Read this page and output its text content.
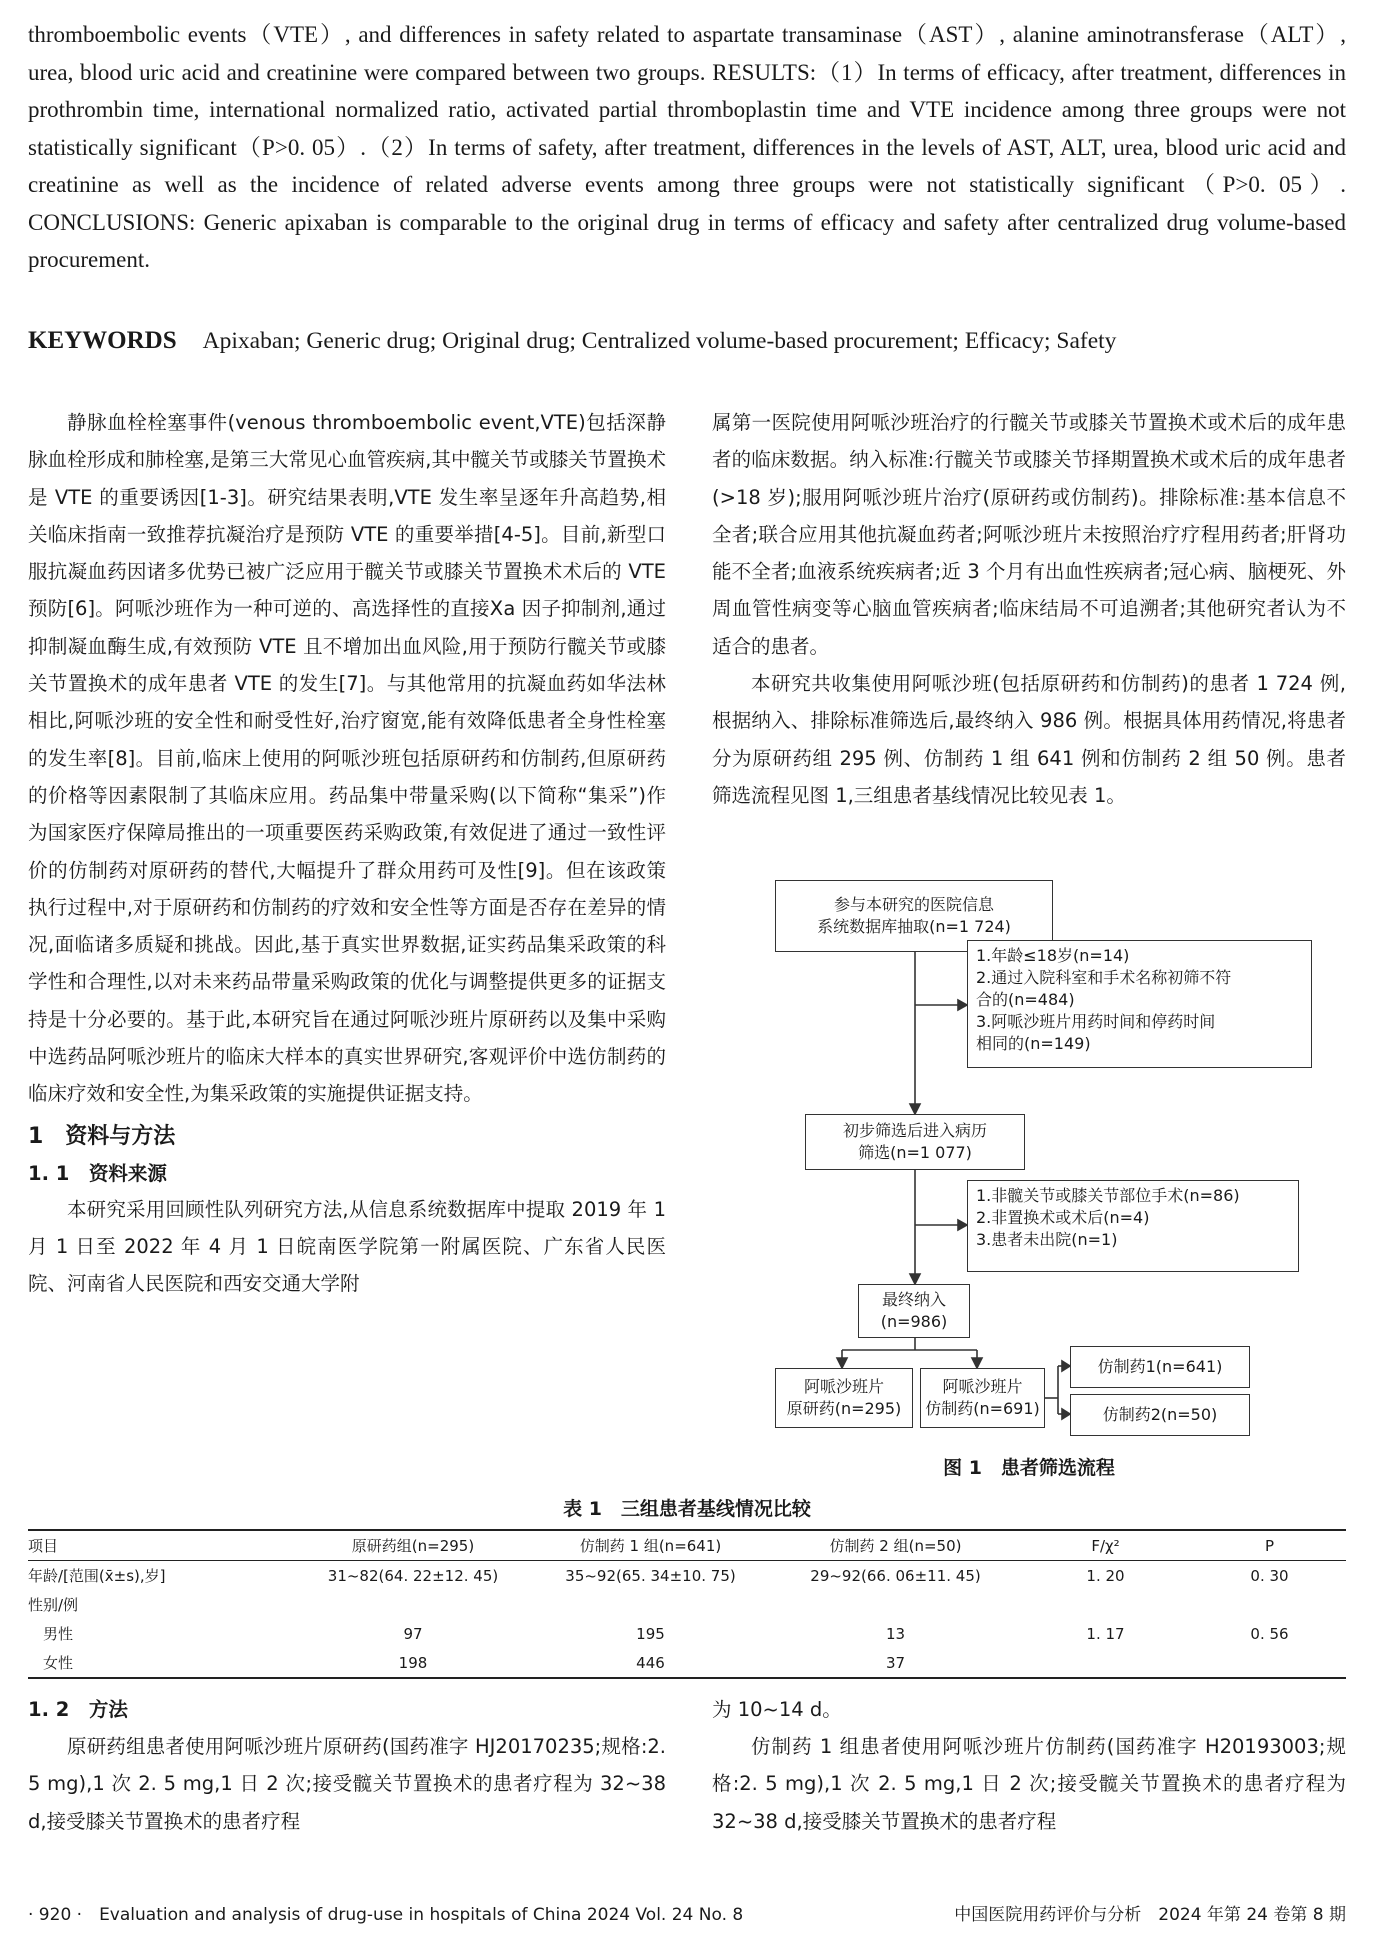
thromboembolic events（VTE）, and differences in safety related to aspartate transaminase（AST）, alanine aminotransferase（ALT）, urea, blood uric acid and creatinine were compared between two groups. RESULTS:（1）In terms of efficacy, after treatment, differences in prothrombin time, international normalized ratio, activated partial thromboplastin time and VTE incidence among three groups were not statistically significant（P>0. 05）.（2）In terms of safety, after treatment, differences in the levels of AST, ALT, urea, blood uric acid and creatinine as well as the incidence of related adverse events among three groups were not statistically significant（P>0. 05）. CONCLUSIONS: Generic apixaban is comparable to the original drug in terms of efficacy and safety after centralized drug volume-based procurement.
KEYWORDS Apixaban; Generic drug; Original drug; Centralized volume-based procurement; Efficacy; Safety

静脉血栓栓塞事件(venous thromboembolic event,VTE)包括深静脉血栓形成和肺栓塞,是第三大常见心血管疾病,其中髋关节或膝关节置换术是 VTE 的重要诱因[1-3]。研究结果表明,VTE 发生率呈逐年升高趋势,相关临床指南一致推荐抗凝治疗是预防 VTE 的重要举措[4-5]。目前,新型口服抗凝血药因诸多优势已被广泛应用于髋关节或膝关节置换术术后的 VTE 预防[6]。阿哌沙班作为一种可逆的、高选择性的直接Ⅹa 因子抑制剂,通过抑制凝血酶生成,有效预防 VTE 且不增加出血风险,用于预防行髋关节或膝关节置换术的成年患者 VTE 的发生[7]。与其他常用的抗凝血药如华法林相比,阿哌沙班的安全性和耐受性好,治疗窗宽,能有效降低患者全身性栓塞的发生率[8]。目前,临床上使用的阿哌沙班包括原研药和仿制药,但原研药的价格等因素限制了其临床应用。药品集中带量采购(以下简称“集采”)作为国家医疗保障局推出的一项重要医药采购政策,有效促进了通过一致性评价的仿制药对原研药的替代,大幅提升了群众用药可及性[9]。但在该政策执行过程中,对于原研药和仿制药的疗效和安全性等方面是否存在差异的情况,面临诸多质疑和挑战。因此,基于真实世界数据,证实药品集采政策的科学性和合理性,以对未来药品带量采购政策的优化与调整提供更多的证据支持是十分必要的。基于此,本研究旨在通过阿哌沙班片原研药以及集中采购中选药品阿哌沙班片的临床大样本的真实世界研究,客观评价中选仿制药的临床疗效和安全性,为集采政策的实施提供证据支持。

1　资料与方法
1. 1　资料来源

本研究采用回顾性队列研究方法,从信息系统数据库中提取 2019 年 1 月 1 日至 2022 年 4 月 1 日皖南医学院第一附属医院、广东省人民医院、河南省人民医院和西安交通大学附

属第一医院使用阿哌沙班治疗的行髋关节或膝关节置换术或术后的成年患者的临床数据。纳入标准:行髋关节或膝关节择期置换术或术后的成年患者(>18 岁);服用阿哌沙班片治疗(原研药或仿制药)。排除标准:基本信息不全者;联合应用其他抗凝血药者;阿哌沙班片未按照治疗疗程用药者;肝肾功能不全者;血液系统疾病者;近 3 个月有出血性疾病者;冠心病、脑梗死、外周血管性病变等心脑血管疾病者;临床结局不可追溯者;其他研究者认为不适合的患者。

本研究共收集使用阿哌沙班(包括原研药和仿制药)的患者 1 724 例,根据纳入、排除标准筛选后,最终纳入 986 例。根据具体用药情况,将患者分为原研药组 295 例、仿制药 1 组 641 例和仿制药 2 组 50 例。患者筛选流程见图 1,三组患者基线情况比较见表 1。

参与本研究的医院信息
系统数据库抽取(n=1 724)
1.年龄≤18岁(n=14)
2.通过入院科室和手术名称初筛不符
合的(n=484)
3.阿哌沙班片用药时间和停药时间
相同的(n=149)
初步筛选后进入病历
筛选(n=1 077)
1.非髋关节或膝关节部位手术(n=86)
2.非置换术或术后(n=4)
3.患者未出院(n=1)
最终纳入
(n=986)
阿哌沙班片
原研药(n=295)
阿哌沙班片
仿制药(n=691)
仿制药1(n=641)
仿制药2(n=50)
图 1　患者筛选流程
表 1　三组患者基线情况比较
项目	原研药组(n=295)	仿制药 1 组(n=641)	仿制药 2 组(n=50)	F/χ²	P
年龄/[范围(x̄±s),岁]	31~82(64. 22±12. 45)	35~92(65. 34±10. 75)	29~92(66. 06±11. 45)	1. 20	0. 30
性别/例					
　男性	97	195	13	1. 17	0. 56
　女性	198	446	37		
1. 2　方法

原研药组患者使用阿哌沙班片原研药(国药准字 HJ20170235;规格:2. 5 mg),1 次 2. 5 mg,1 日 2 次;接受髋关节置换术的患者疗程为 32~38 d,接受膝关节置换术的患者疗程

为 10~14 d。

仿制药 1 组患者使用阿哌沙班片仿制药(国药准字 H20193003;规格:2. 5 mg),1 次 2. 5 mg,1 日 2 次;接受髋关节置换术的患者疗程为 32~38 d,接受膝关节置换术的患者疗程

· 920 ·　Evaluation and analysis of drug-use in hospitals of China 2024 Vol. 24 No. 8	中国医院用药评价与分析　2024 年第 24 卷第 8 期
